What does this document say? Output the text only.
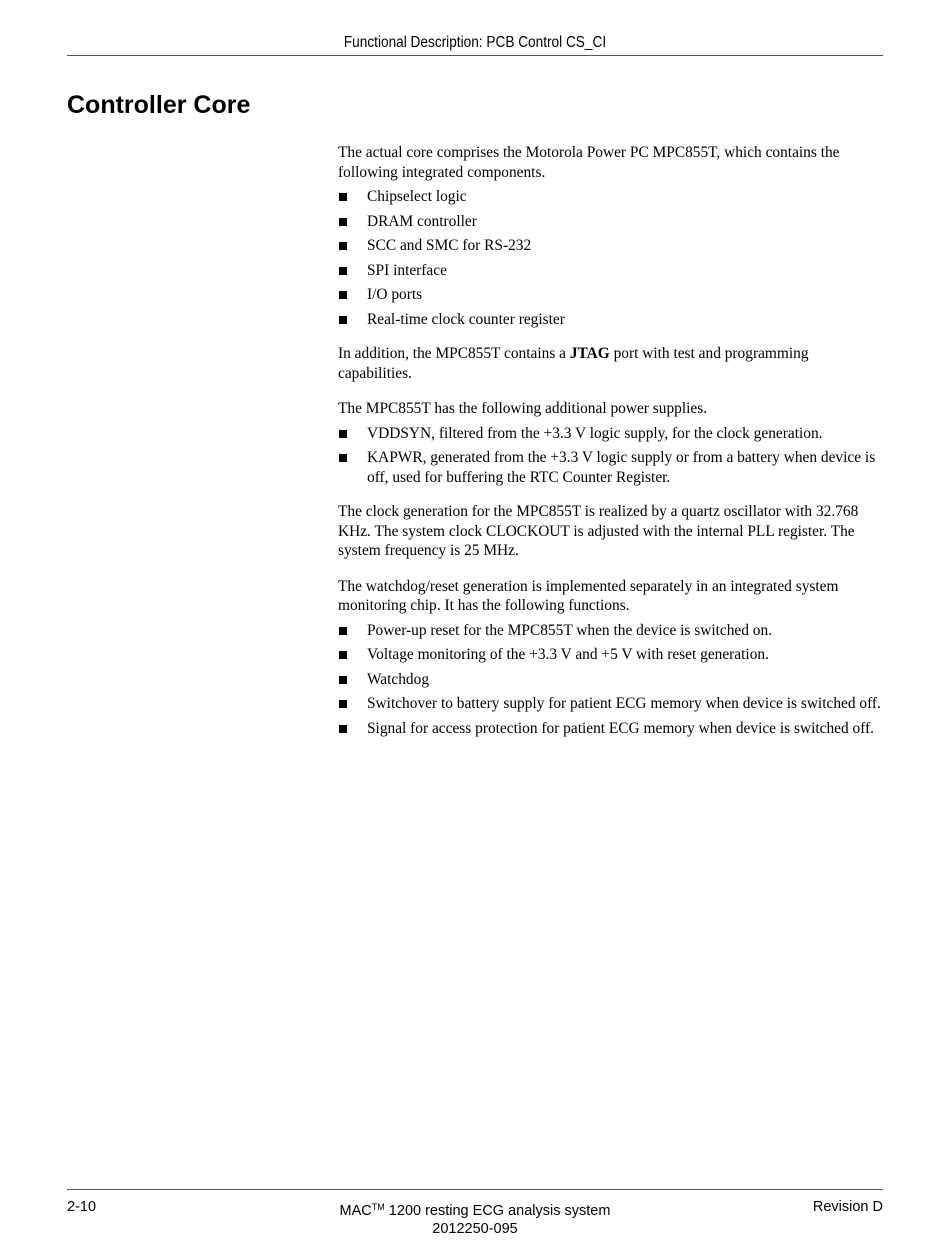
Functional Description: PCB Control CS_CI
Controller Core

The actual core comprises the Motorola Power PC MPC855T, which contains the following integrated components.

Chipselect logic
DRAM controller
SCC and SMC for RS-232
SPI interface
I/O ports
Real-time clock counter register

In addition, the MPC855T contains a JTAG port with test and programming capabilities.

The MPC855T has the following additional power supplies.

VDDSYN, filtered from the +3.3 V logic supply, for the clock generation.
KAPWR, generated from the +3.3 V logic supply or from a battery when device is off, used for buffering the RTC Counter Register.

The clock generation for the MPC855T is realized by a quartz oscillator with 32.768 KHz. The system clock CLOCKOUT is adjusted with the internal PLL register. The system frequency is 25 MHz.

The watchdog/reset generation is implemented separately in an integrated system monitoring chip. It has the following functions.

Power-up reset for the MPC855T when the device is switched on.
Voltage monitoring of the +3.3 V and +5 V with reset generation.
Watchdog
Switchover to battery supply for patient ECG memory when device is switched off.
Signal for access protection for patient ECG memory when device is switched off.
2-10	MAC™ 1200 resting ECG analysis system
2012250-095
Revision D
